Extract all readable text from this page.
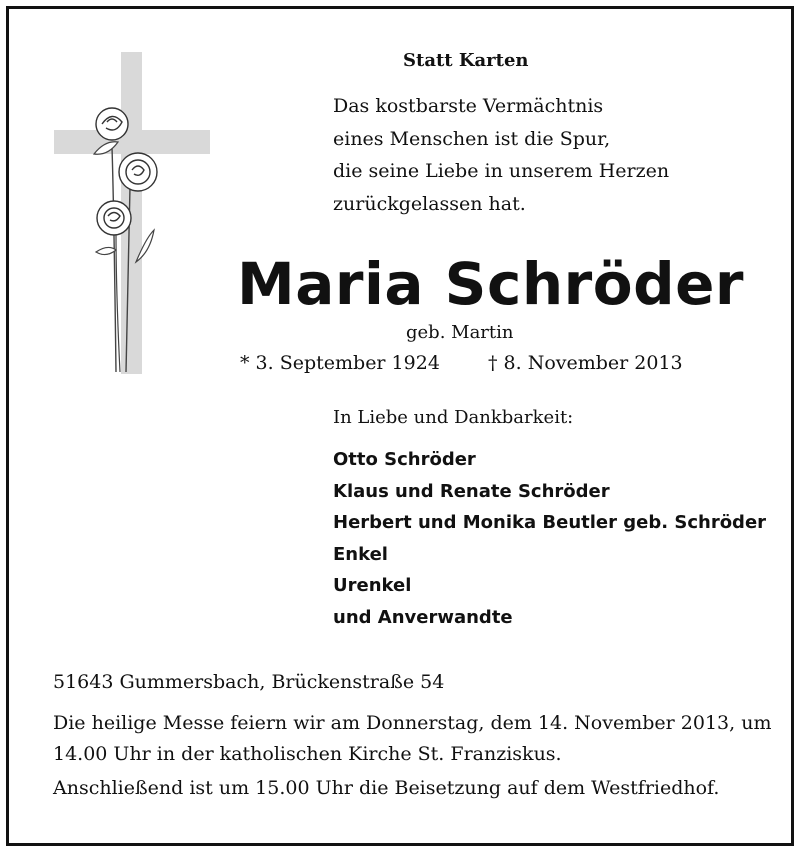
Statt Karten
Das kostbarste Vermächtnis
eines Menschen ist die Spur,
die seine Liebe in unserem Herzen
zurückgelassen hat.
Maria Schröder
geb. Martin
* 3. September 1924	† 8. November 2013
In Liebe und Dankbarkeit:
Otto Schröder
Klaus und Renate Schröder
Herbert und Monika Beutler geb. Schröder
Enkel
Urenkel
und Anverwandte
51643 Gummersbach, Brückenstraße 54
Die heilige Messe feiern wir am Donnerstag, dem 14. November 2013, um
14.00 Uhr in der katholischen Kirche St. Franziskus.
Anschließend ist um 15.00 Uhr die Beisetzung auf dem Westfriedhof.
